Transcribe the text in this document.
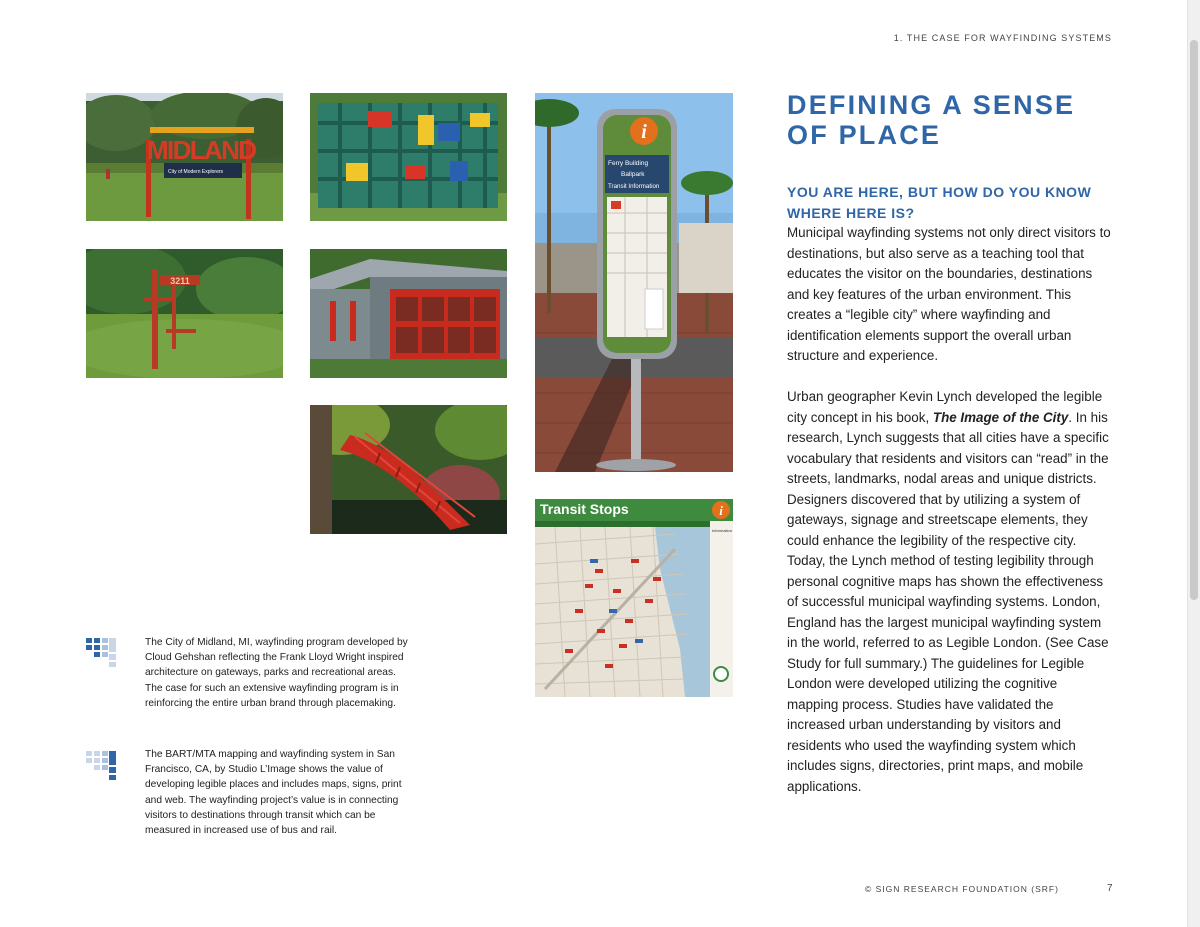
1. THE CASE FOR WAYFINDING SYSTEMS
MIDLAND
City of Modern Explorers
i
Ferry Building
Ballpark
Transit Information
3211
Transit Stops	i
Information
DEFINING A SENSE OF PLACE
YOU ARE HERE, BUT HOW DO YOU KNOW WHERE HERE IS?

Municipal wayfinding systems not only direct visitors to destinations, but also serve as a teaching tool that educates the visitor on the boundaries, destinations and key features of the urban environment. This creates a “legible city” where wayfinding and identification elements support the overall urban structure and experience.

Urban geographer Kevin Lynch developed the legible city concept in his book, The Image of the City. In his research, Lynch suggests that all cities have a specific vocabulary that residents and visitors can “read” in the streets, landmarks, nodal areas and unique districts. Designers discovered that by utilizing a system of gateways, signage and streetscape elements, they could enhance the legibility of the respective city. Today, the Lynch method of testing legibility through personal cognitive maps has shown the effectiveness of successful municipal wayfinding systems. London, England has the largest municipal wayfinding system in the world, referred to as Legible London. (See Case Study for full summary.) The guidelines for Legible London were developed utilizing the cognitive mapping process. Studies have validated the increased urban understanding by visitors and residents who used the wayfinding system which includes signs, directories, print maps, and mobile applications.

The City of Midland, MI, wayfinding program developed by Cloud Gehshan reflecting the Frank Lloyd Wright inspired architecture on gateways, parks and recreational areas. The case for such an extensive wayfinding program is in reinforcing the entire urban brand through placemaking.

The BART/MTA mapping and wayfinding system in San Francisco, CA, by Studio L’Image shows the value of developing legible places and includes maps, signs, print and web. The wayfinding project’s value is in connecting visitors to destinations through transit which can be measured in increased use of bus and rail.

© SIGN RESEARCH FOUNDATION (SRF)	7
